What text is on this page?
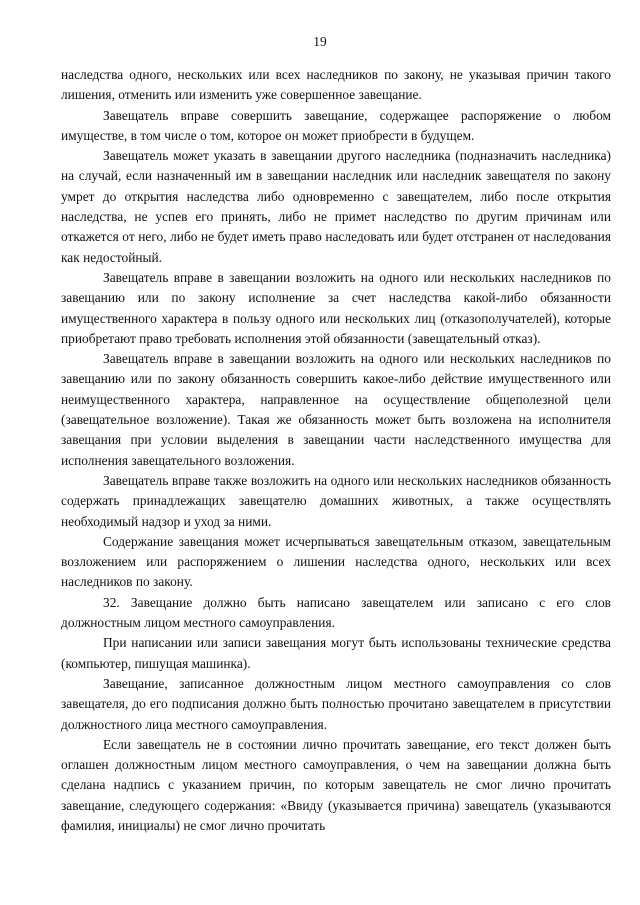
19

наследства одного, нескольких или всех наследников по закону, не указывая причин такого лишения, отменить или изменить уже совершенное завещание.

Завещатель вправе совершить завещание, содержащее распоряжение о любом имуществе, в том числе о том, которое он может приобрести в будущем.

Завещатель может указать в завещании другого наследника (подназначить наследника) на случай, если назначенный им в завещании наследник или наследник завещателя по закону умрет до открытия наследства либо одновременно с завещателем, либо после открытия наследства, не успев его принять, либо не примет наследство по другим причинам или откажется от него, либо не будет иметь право наследовать или будет отстранен от наследования как недостойный.

Завещатель вправе в завещании возложить на одного или нескольких наследников по завещанию или по закону исполнение за счет наследства какой-либо обязанности имущественного характера в пользу одного или нескольких лиц (отказополучателей), которые приобретают право требовать исполнения этой обязанности (завещательный отказ).

Завещатель вправе в завещании возложить на одного или нескольких наследников по завещанию или по закону обязанность совершить какое-либо действие имущественного или неимущественного характера, направленное на осуществление общеполезной цели (завещательное возложение). Такая же обязанность может быть возложена на исполнителя завещания при условии выделения в завещании части наследственного имущества для исполнения завещательного возложения.

Завещатель вправе также возложить на одного или нескольких наследников обязанность содержать принадлежащих завещателю домашних животных, а также осуществлять необходимый надзор и уход за ними.

Содержание завещания может исчерпываться завещательным отказом, завещательным возложением или распоряжением о лишении наследства одного, нескольких или всех наследников по закону.

32. Завещание должно быть написано завещателем или записано с его слов должностным лицом местного самоуправления.

При написании или записи завещания могут быть использованы технические средства (компьютер, пишущая машинка).

Завещание, записанное должностным лицом местного самоуправления со слов завещателя, до его подписания должно быть полностью прочитано завещателем в присутствии должностного лица местного самоуправления.

Если завещатель не в состоянии лично прочитать завещание, его текст должен быть оглашен должностным лицом местного самоуправления, о чем на завещании должна быть сделана надпись с указанием причин, по которым завещатель не смог лично прочитать завещание, следующего содержания: «Ввиду (указывается причина) завещатель (указываются фамилия, инициалы) не смог лично прочитать
